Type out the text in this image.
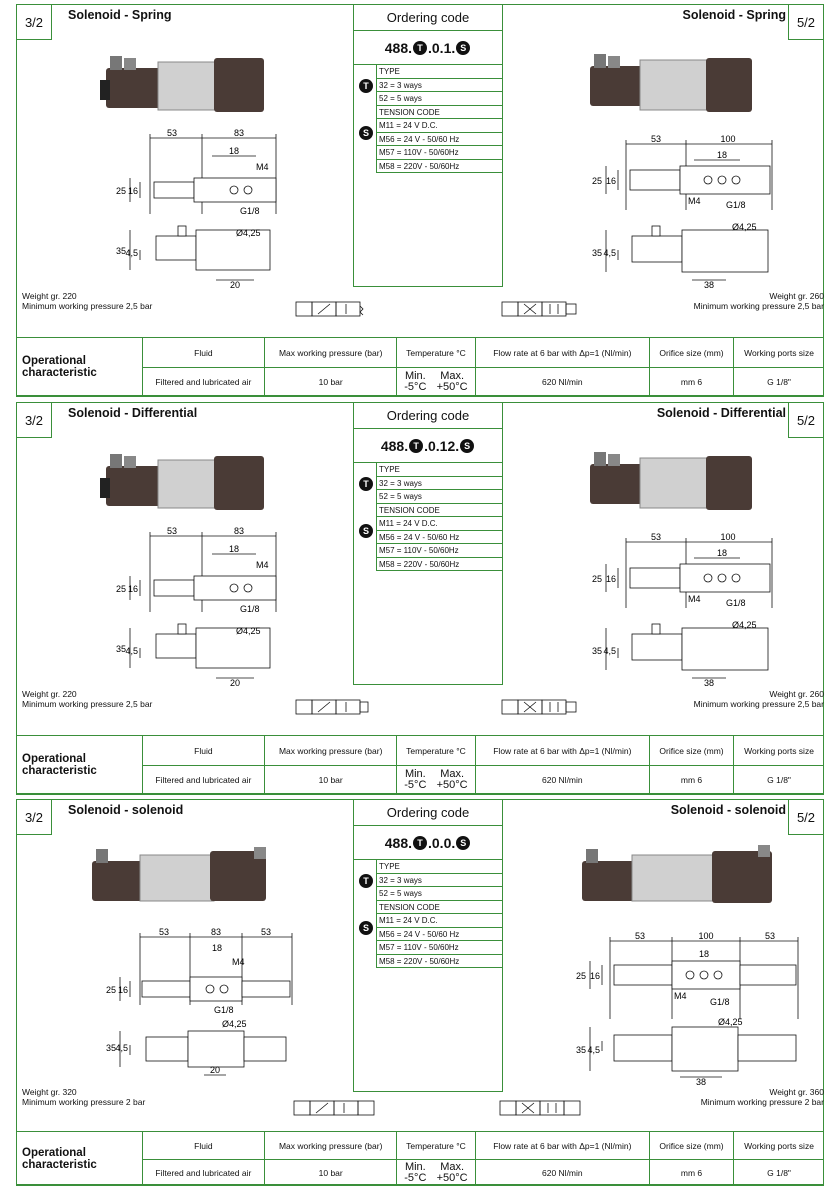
3/2	5/2
Solenoid - Spring	Solenoid - Spring
Ordering code
488. T .0.1. S
T
TYPE
32 = 3 ways
52 = 5 ways
S
TENSION CODE
M11 = 24 V D.C.
M56 = 24 V - 50/60 Hz
M57 = 110V - 50/60Hz
M58 = 220V - 50/60Hz
53	83
18
M4
25 16
G1/8
Ø4,25
35 4,5
20
53	100
18
M4
25 16
G1/8
Ø4,25
35 4,5
38
Weight gr. 220
Minimum working pressure 2,5 bar
Weight gr. 260
Minimum working pressure 2,5 bar
Operational characteristic	Fluid	Max working pressure (bar)	Temperature °C	Flow rate at 6 bar with Δp=1 (Nl/min)	Orifice size (mm)	Working ports size
	Filtered and lubricated air	10 bar	Min.
-5°C
Max.
+50°C	620 Nl/min	mm 6	G 1/8"
3/2	5/2
Solenoid - Differential	Solenoid - Differential
Ordering code
488. T .0.12. S
T
TYPE
32 = 3 ways
52 = 5 ways
S
TENSION CODE
M11 = 24 V D.C.
M56 = 24 V - 50/60 Hz
M57 = 110V - 50/60Hz
M58 = 220V - 50/60Hz
53	83
18
M4
25 16
G1/8
Ø4,25
35 4,5
20
53	100
18
M4
25 16
G1/8
Ø4,25
35 4,5
38
Weight gr. 220
Minimum working pressure 2,5 bar
Weight gr. 260
Minimum working pressure 2,5 bar
Operational characteristic	Fluid	Max working pressure (bar)	Temperature °C	Flow rate at 6 bar with Δp=1 (Nl/min)	Orifice size (mm)	Working ports size
	Filtered and lubricated air	10 bar	Min.
-5°C
Max.
+50°C	620 Nl/min	mm 6	G 1/8"
3/2	5/2
Solenoid - solenoid	Solenoid - solenoid
Ordering code
488. T .0.0. S
T
TYPE
32 = 3 ways
52 = 5 ways
S
TENSION CODE
M11 = 24 V D.C.
M56 = 24 V - 50/60 Hz
M57 = 110V - 50/60Hz
M58 = 220V - 50/60Hz
53	83	53
18
M4
25 16
G1/8
Ø4,25
35 4,5
20
53	100	53
18
M4
25 16
G1/8
Ø4,25
35 4,5
38
Weight gr. 320
Minimum working pressure 2 bar
Weight gr. 360
Minimum working pressure 2 bar
Operational characteristic	Fluid	Max working pressure (bar)	Temperature °C	Flow rate at 6 bar with Δp=1 (Nl/min)	Orifice size (mm)	Working ports size
	Filtered and lubricated air	10 bar	Min.
-5°C
Max.
+50°C	620 Nl/min	mm 6	G 1/8"
